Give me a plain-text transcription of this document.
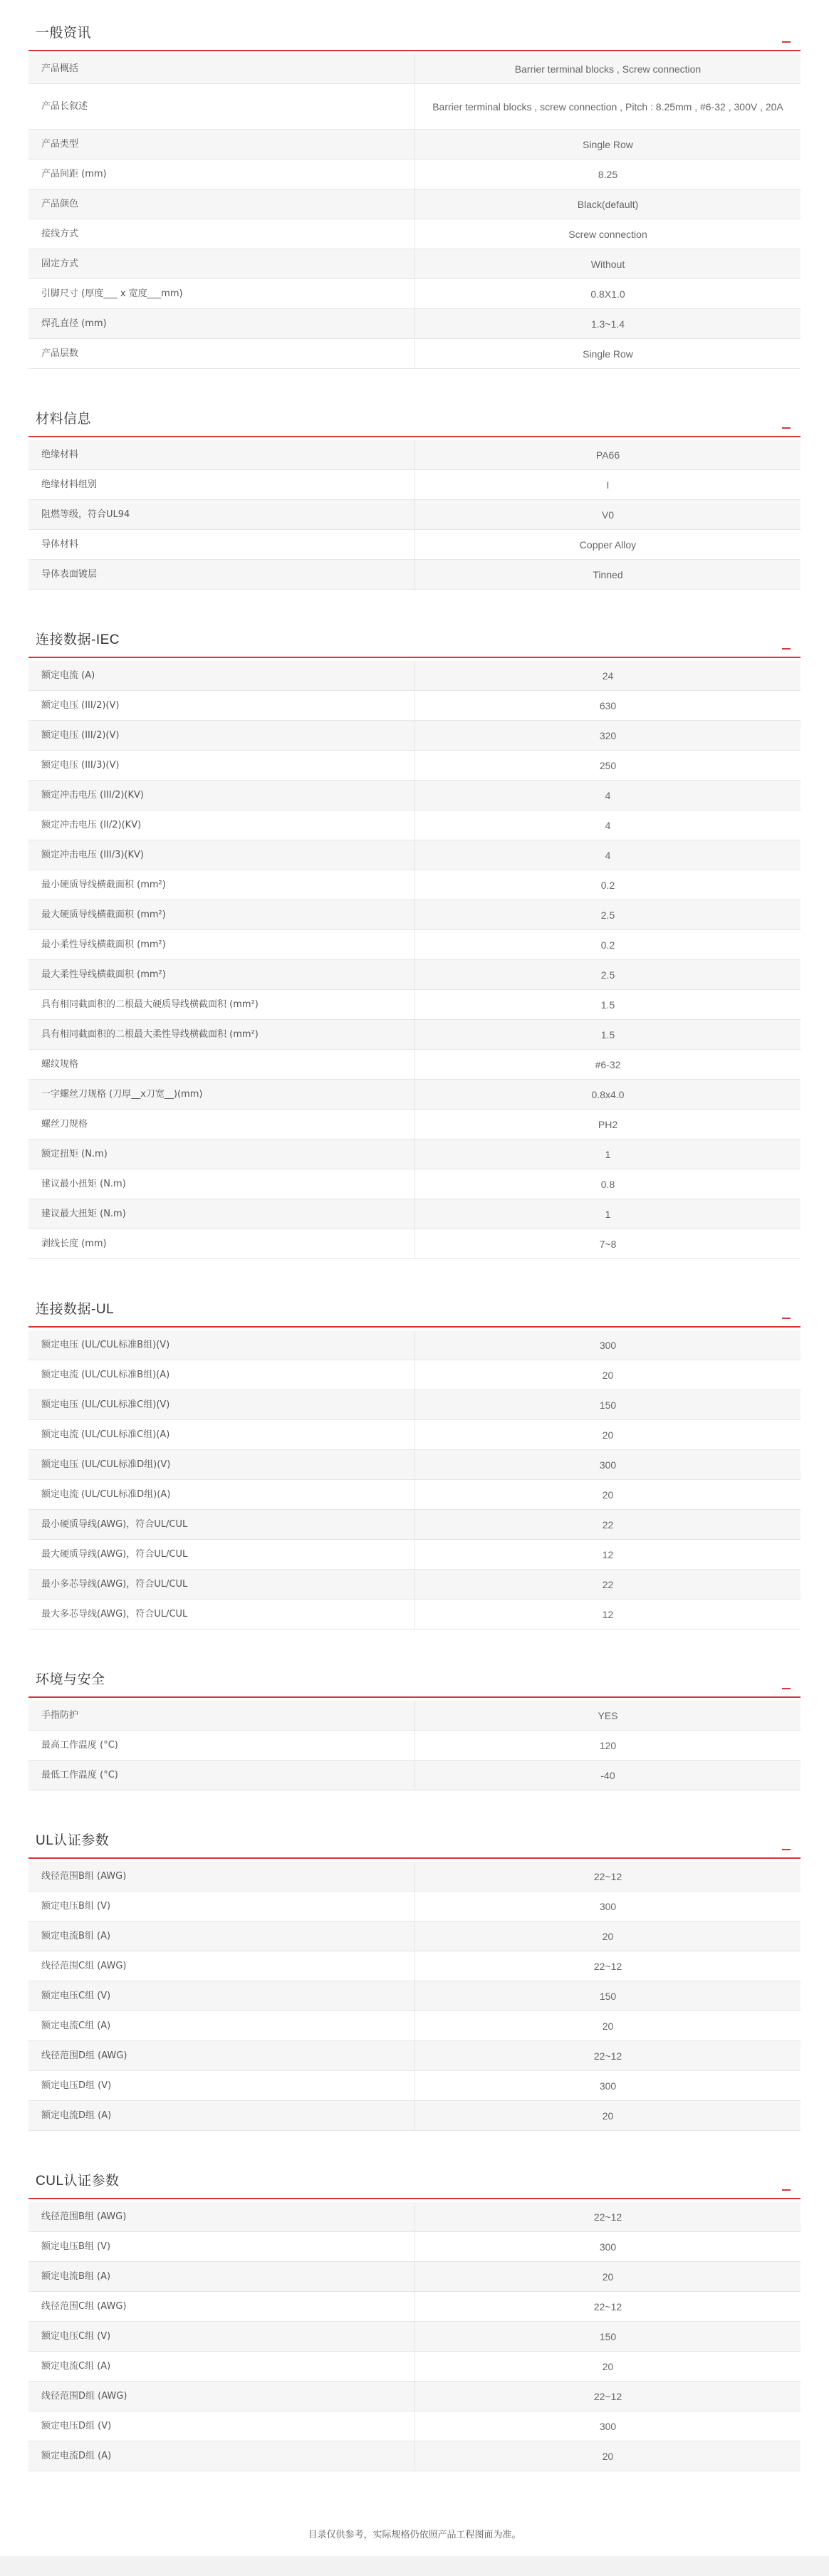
一般资讯
产品概括	Barrier terminal blocks , Screw connection
产品长叙述	Barrier terminal blocks , screw connection , Pitch : 8.25mm , #6-32 , 300V , 20A
产品类型	Single Row
产品间距 (mm)	8.25
产品颜色	Black(default)
接线方式	Screw connection
固定方式	Without
引脚尺寸 (厚度___ x 宽度___mm)	0.8X1.0
焊孔直径 (mm)	1.3~1.4
产品层数	Single Row
材料信息
绝缘材料	PA66
绝缘材料组别	I
阻燃等级，符合UL94	V0
导体材料	Copper Alloy
导体表面镀层	Tinned
连接数据-IEC
额定电流 (A)	24
额定电压 (III/2)(V)	630
额定电压 (III/2)(V)	320
额定电压 (III/3)(V)	250
额定冲击电压 (III/2)(KV)	4
额定冲击电压 (II/2)(KV)	4
额定冲击电压 (III/3)(KV)	4
最小硬质导线横截面积 (mm²)	0.2
最大硬质导线横截面积 (mm²)	2.5
最小柔性导线横截面积 (mm²)	0.2
最大柔性导线横截面积 (mm²)	2.5
具有相同截面积的二根最大硬质导线横截面积 (mm²)	1.5
具有相同截面积的二根最大柔性导线横截面积 (mm²)	1.5
螺纹规格	#6-32
一字螺丝刀规格 (刀厚__x刀宽__)(mm)	0.8x4.0
螺丝刀规格	PH2
额定扭矩 (N.m)	1
建议最小扭矩 (N.m)	0.8
建议最大扭矩 (N.m)	1
剥线长度 (mm)	7~8
连接数据-UL
额定电压 (UL/CUL标准B组)(V)	300
额定电流 (UL/CUL标准B组)(A)	20
额定电压 (UL/CUL标准C组)(V)	150
额定电流 (UL/CUL标准C组)(A)	20
额定电压 (UL/CUL标准D组)(V)	300
额定电流 (UL/CUL标准D组)(A)	20
最小硬质导线(AWG)，符合UL/CUL	22
最大硬质导线(AWG)，符合UL/CUL	12
最小多芯导线(AWG)，符合UL/CUL	22
最大多芯导线(AWG)，符合UL/CUL	12
环境与安全
手指防护	YES
最高工作温度 (°C)	120
最低工作温度 (°C)	-40
UL认证参数
线径范围B组 (AWG)	22~12
额定电压B组 (V)	300
额定电流B组 (A)	20
线径范围C组 (AWG)	22~12
额定电压C组 (V)	150
额定电流C组 (A)	20
线径范围D组 (AWG)	22~12
额定电压D组 (V)	300
额定电流D组 (A)	20
CUL认证参数
线径范围B组 (AWG)	22~12
额定电压B组 (V)	300
额定电流B组 (A)	20
线径范围C组 (AWG)	22~12
额定电压C组 (V)	150
额定电流C组 (A)	20
线径范围D组 (AWG)	22~12
额定电压D组 (V)	300
额定电流D组 (A)	20
目录仅供参考，实际规格仍依照产品工程图面为准。
